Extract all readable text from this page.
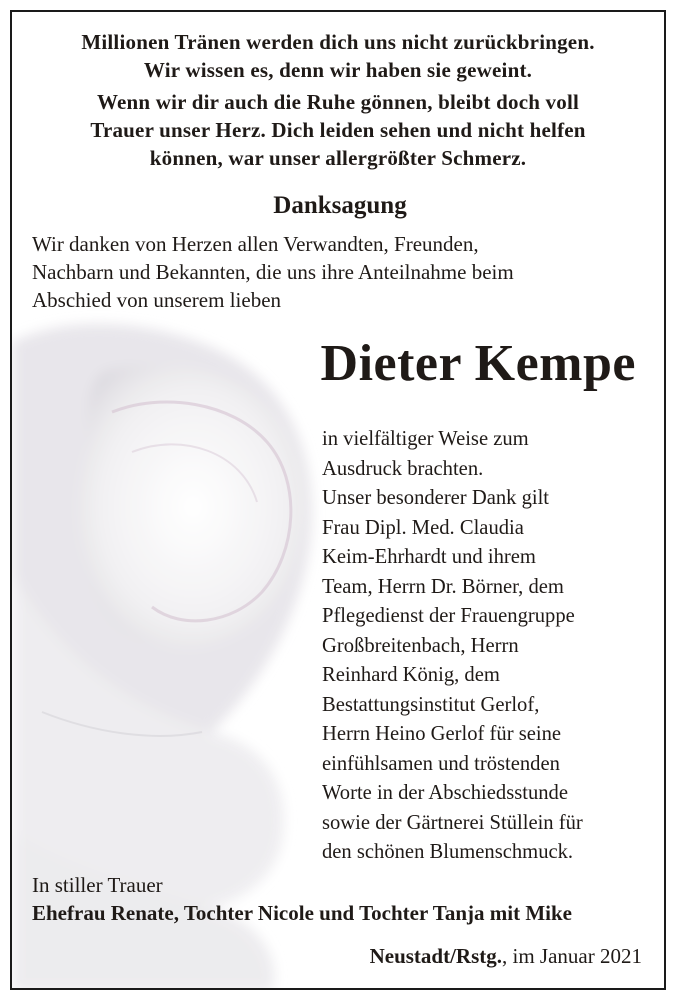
Millionen Tränen werden dich uns nicht zurückbringen.
Wir wissen es, denn wir haben sie geweint.
Wenn wir dir auch die Ruhe gönnen, bleibt doch voll
Trauer unser Herz. Dich leiden sehen und nicht helfen
können, war unser allergrößter Schmerz.
Danksagung
Wir danken von Herzen allen Verwandten, Freunden,
Nachbarn und Bekannten, die uns ihre Anteilnahme beim
Abschied von unserem lieben
Dieter Kempe
in vielfältiger Weise zum
Ausdruck brachten.
Unser besonderer Dank gilt
Frau Dipl. Med. Claudia
Keim-Ehrhardt und ihrem
Team, Herrn Dr. Börner, dem
Pflegedienst der Frauengruppe
Großbreitenbach, Herrn
Reinhard König, dem
Bestattungsinstitut Gerlof,
Herrn Heino Gerlof für seine
einfühlsamen und tröstenden
Worte in der Abschiedsstunde
sowie der Gärtnerei Stüllein für
den schönen Blumenschmuck.
In stiller Trauer
Ehefrau Renate, Tochter Nicole und Tochter Tanja mit Mike
Neustadt/Rstg., im Januar 2021
